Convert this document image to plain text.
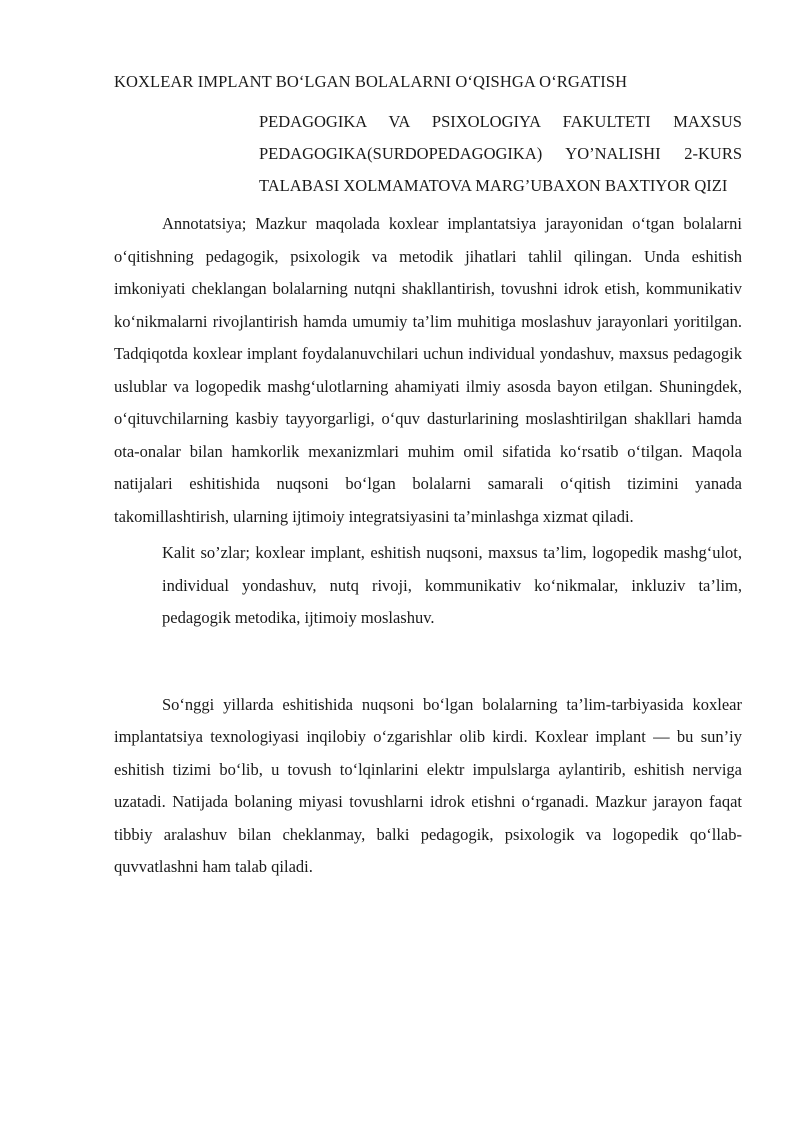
KOXLEAR IMPLANT BO‘LGAN BOLALARNI O‘QISHGA O‘RGATISH
PEDAGOGIKA VA PSIXOLOGIYA FAKULTETI MAXSUS PEDAGOGIKA(SURDOPEDAGOGIKA) YO’NALISHI 2-KURS TALABASI XOLMAMATOVA MARG’UBAXON BAXTIYOR QIZI

Annotatsiya; Mazkur maqolada koxlear implantatsiya jarayonidan o‘tgan bolalarni o‘qitishning pedagogik, psixologik va metodik jihatlari tahlil qilingan. Unda eshitish imkoniyati cheklangan bolalarning nutqni shakllantirish, tovushni idrok etish, kommunikativ ko‘nikmalarni rivojlantirish hamda umumiy ta’lim muhitiga moslashuv jarayonlari yoritilgan. Tadqiqotda koxlear implant foydalanuvchilari uchun individual yondashuv, maxsus pedagogik uslublar va logopedik mashg‘ulotlarning ahamiyati ilmiy asosda bayon etilgan. Shuningdek, o‘qituvchilarning kasbiy tayyorgarligi, o‘quv dasturlarining moslashtirilgan shakllari hamda ota-onalar bilan hamkorlik mexanizmlari muhim omil sifatida ko‘rsatib o‘tilgan. Maqola natijalari eshitishida nuqsoni bo‘lgan bolalarni samarali o‘qitish tizimini yanada takomillashtirish, ularning ijtimoiy integratsiyasini ta’minlashga xizmat qiladi.

Kalit so’zlar; koxlear implant, eshitish nuqsoni, maxsus ta’lim, logopedik mashg‘ulot, individual yondashuv, nutq rivoji, kommunikativ ko‘nikmalar, inkluziv ta’lim, pedagogik metodika, ijtimoiy moslashuv.

So‘nggi yillarda eshitishida nuqsoni bo‘lgan bolalarning ta’lim-tarbiyasida koxlear implantatsiya texnologiyasi inqilobiy o‘zgarishlar olib kirdi. Koxlear implant — bu sun’iy eshitish tizimi bo‘lib, u tovush to‘lqinlarini elektr impulslarga aylantirib, eshitish nerviga uzatadi. Natijada bolaning miyasi tovushlarni idrok etishni o‘rganadi. Mazkur jarayon faqat tibbiy aralashuv bilan cheklanmay, balki pedagogik, psixologik va logopedik qo‘llab-quvvatlashni ham talab qiladi.
